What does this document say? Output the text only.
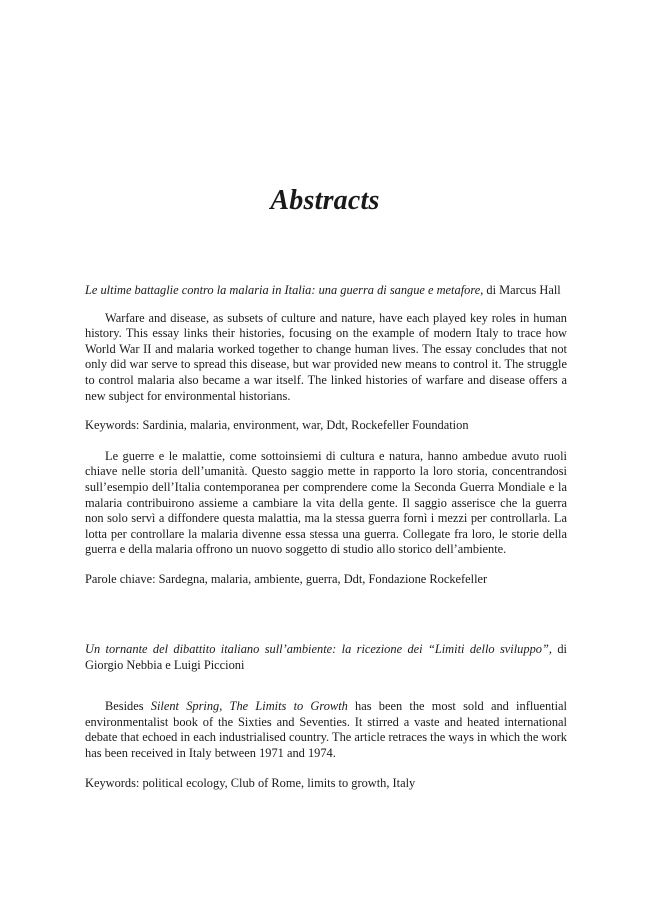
Abstracts

Le ultime battaglie contro la malaria in Italia: una guerra di sangue e metafore, di Marcus Hall

Warfare and disease, as subsets of culture and nature, have each played key roles in human history. This essay links their histories, focusing on the example of modern Italy to trace how World War II and malaria worked together to change human lives. The essay concludes that not only did war serve to spread this disease, but war provided new means to control it. The struggle to control malaria also became a war itself. The linked histories of warfare and disease offers a new subject for environmental historians.

Keywords: Sardinia, malaria, environment, war, Ddt, Rockefeller Foundation

Le guerre e le malattie, come sottoinsiemi di cultura e natura, hanno ambedue avuto ruoli chiave nelle storia dell’umanità. Questo saggio mette in rapporto la loro storia, concentrandosi sull’esempio dell’Italia contemporanea per comprendere come la Seconda Guerra Mondiale e la malaria contribuirono assieme a cambiare la vita della gente. Il saggio asserisce che la guerra non solo servì a diffondere questa malattia, ma la stessa guerra fornì i mezzi per controllarla. La lotta per controllare la malaria divenne essa stessa una guerra. Collegate fra loro, le storie della guerra e della malaria offrono un nuovo soggetto di studio allo storico dell’ambiente.

Parole chiave: Sardegna, malaria, ambiente, guerra, Ddt, Fondazione Rockefeller

Un tornante del dibattito italiano sull’ambiente: la ricezione dei “Limiti dello sviluppo”, di Giorgio Nebbia e Luigi Piccioni

Besides Silent Spring, The Limits to Growth has been the most sold and influential environmentalist book of the Sixties and Seventies. It stirred a vaste and heated international debate that echoed in each industrialised country. The article retraces the ways in which the work has been received in Italy between 1971 and 1974.

Keywords: political ecology, Club of Rome, limits to growth, Italy
